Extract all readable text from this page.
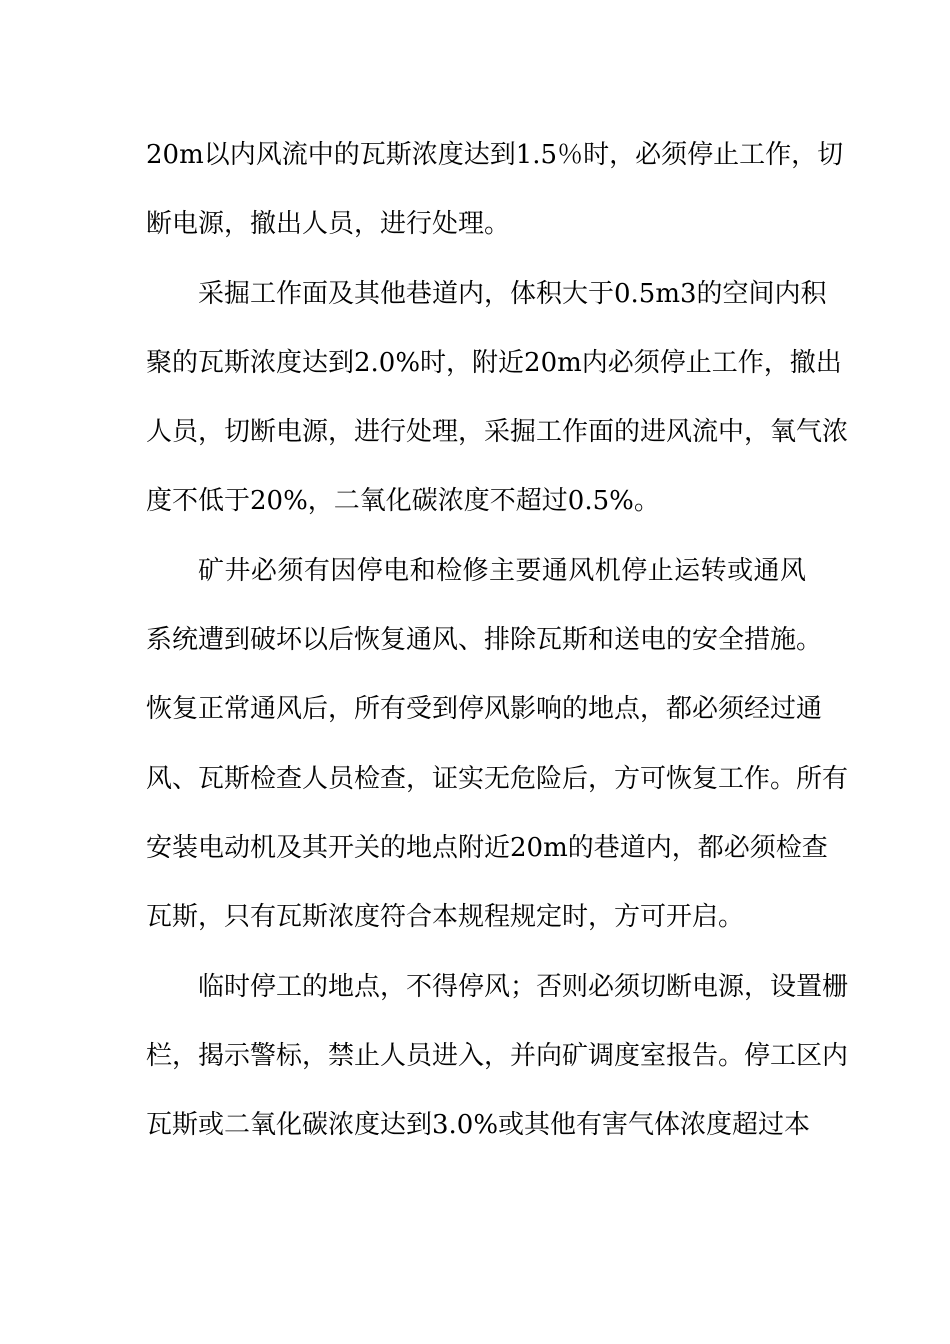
20m以内风流中的瓦斯浓度达到1.5％时，必须停止工作，切
断电源，撤出人员，进行处理。
采掘工作面及其他巷道内，体积大于0.5m3的空间内积
聚的瓦斯浓度达到2.0%时，附近20m内必须停止工作，撤出
人员，切断电源，进行处理，采掘工作面的进风流中，氧气浓
度不低于20%，二氧化碳浓度不超过0.5%。
矿井必须有因停电和检修主要通风机停止运转或通风
系统遭到破坏以后恢复通风、排除瓦斯和送电的安全措施。
恢复正常通风后，所有受到停风影响的地点，都必须经过通
风、瓦斯检查人员检查，证实无危险后，方可恢复工作。所有
安装电动机及其开关的地点附近20m的巷道内，都必须检查
瓦斯，只有瓦斯浓度符合本规程规定时，方可开启。
临时停工的地点，不得停风；否则必须切断电源，设置栅
栏，揭示警标，禁止人员进入，并向矿调度室报告。停工区内
瓦斯或二氧化碳浓度达到3.0%或其他有害气体浓度超过本
